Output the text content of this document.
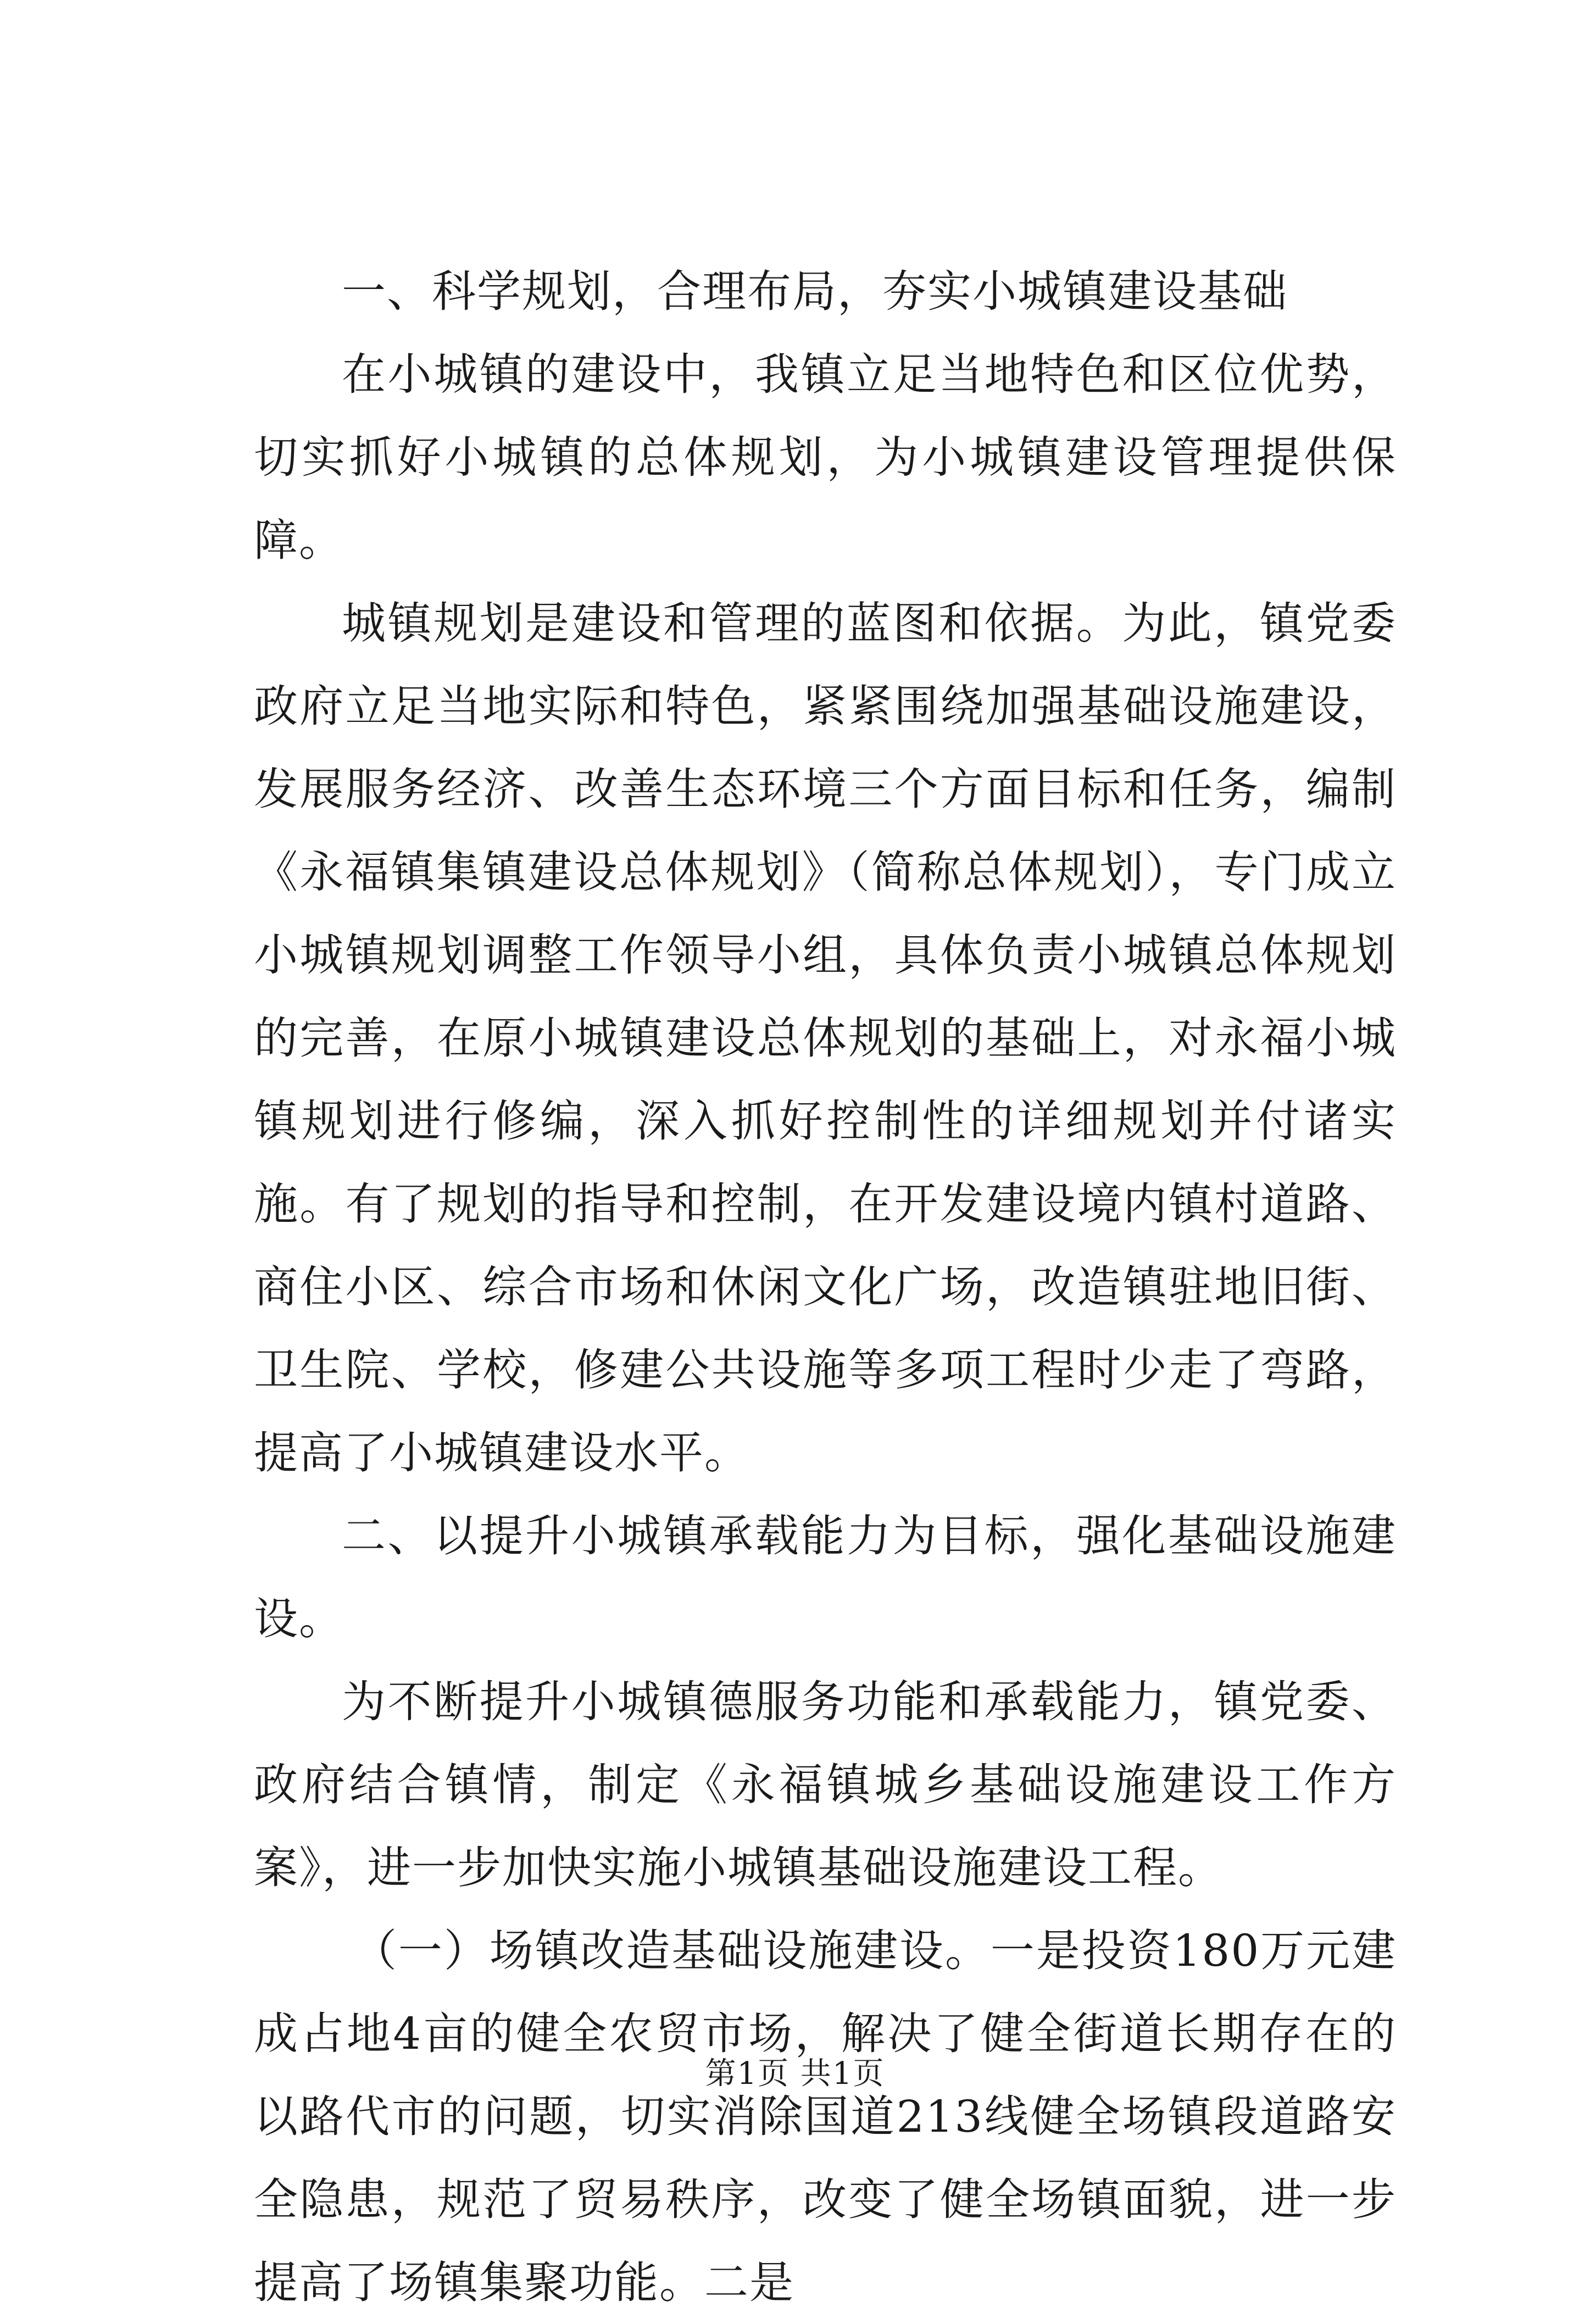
一、科学规划，合理布局，夯实小城镇建设基础

在小城镇的建设中，我镇立足当地特色和区位优势，切实抓好小城镇的总体规划，为小城镇建设管理提供保障。

城镇规划是建设和管理的蓝图和依据。为此，镇党委政府立足当地实际和特色，紧紧围绕加强基础设施建设，发展服务经济、改善生态环境三个方面目标和任务，编制《永福镇集镇建设总体规划》（简称总体规划），专门成立小城镇规划调整工作领导小组，具体负责小城镇总体规划的完善，在原小城镇建设总体规划的基础上，对永福小城镇规划进行修编，深入抓好控制性的详细规划并付诸实施。有了规划的指导和控制，在开发建设境内镇村道路、商住小区、综合市场和休闲文化广场，改造镇驻地旧街、卫生院、学校，修建公共设施等多项工程时少走了弯路，提高了小城镇建设水平。

二、以提升小城镇承载能力为目标，强化基础设施建设。

为不断提升小城镇德服务功能和承载能力，镇党委、政府结合镇情，制定《永福镇城乡基础设施建设工作方案》，进一步加快实施小城镇基础设施建设工程。

（一）场镇改造基础设施建设。一是投资180万元建成占地4亩的健全农贸市场，解决了健全街道长期存在的以路代市的问题，切实消除国道213线健全场镇段道路安全隐患，规范了贸易秩序，改变了健全场镇面貌，进一步提高了场镇集聚功能。二是

第1页 共1页
